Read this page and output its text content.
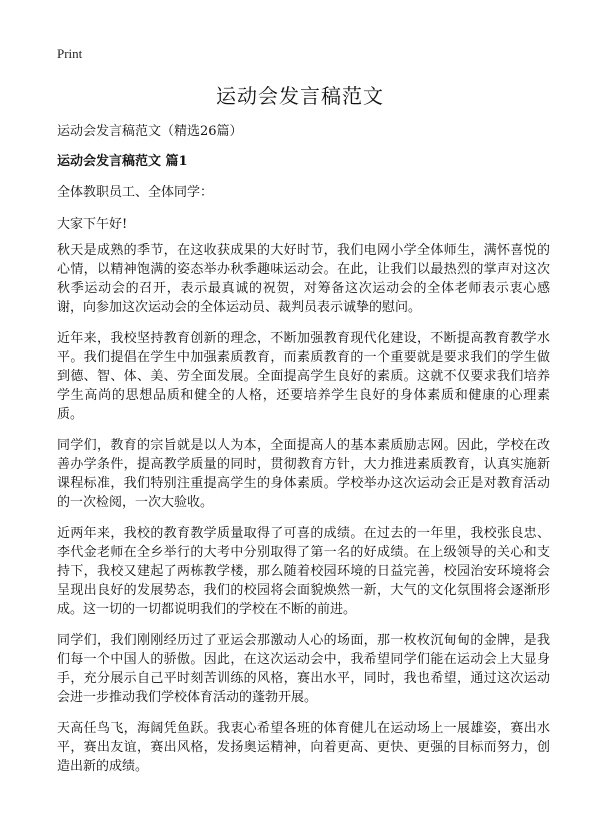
Print
运动会发言稿范文
运动会发言稿范文（精选26篇）
运动会发言稿范文 篇1
全体教职员工、全体同学：
大家下午好!

秋天是成熟的季节，在这收获成果的大好时节，我们电网小学全体师生，满怀喜悦的心情，以精神饱满的姿态举办秋季趣味运动会。在此，让我们以最热烈的掌声对这次秋季运动会的召开，表示最真诚的祝贺，对筹备这次运动会的全体老师表示衷心感谢，向参加这次运动会的全体运动员、裁判员表示诚挚的慰问。

近年来，我校坚持教育创新的理念，不断加强教育现代化建设，不断提高教育教学水平。我们提倡在学生中加强素质教育，而素质教育的一个重要就是要求我们的学生做到德、智、体、美、劳全面发展。全面提高学生良好的素质。这就不仅要求我们培养学生高尚的思想品质和健全的人格，还要培养学生良好的身体素质和健康的心理素质。

同学们，教育的宗旨就是以人为本，全面提高人的基本素质励志网。因此，学校在改善办学条件，提高教学质量的同时，贯彻教育方针，大力推进素质教育，认真实施新课程标准，我们特别注重提高学生的身体素质。学校举办这次运动会正是对教育活动的一次检阅，一次大验收。

近两年来，我校的教育教学质量取得了可喜的成绩。在过去的一年里，我校张良忠、李代金老师在全乡举行的大考中分别取得了第一名的好成绩。在上级领导的关心和支持下，我校又建起了两栋教学楼，那么随着校园环境的日益完善，校园治安环境将会呈现出良好的发展势态，我们的校园将会面貌焕然一新，大气的文化氛围将会逐渐形成。这一切的一切都说明我们的学校在不断的前进。

同学们，我们刚刚经历过了亚运会那激动人心的场面，那一枚枚沉甸甸的金牌，是我们每一个中国人的骄傲。因此，在这次运动会中，我希望同学们能在运动会上大显身手，充分展示自己平时刻苦训练的风格，赛出水平，同时，我也希望，通过这次运动会进一步推动我们学校体育活动的蓬勃开展。

天高任鸟飞，海阔凭鱼跃。我衷心希望各班的体育健儿在运动场上一展雄姿，赛出水平，赛出友谊，赛出风格，发扬奥运精神，向着更高、更快、更强的目标而努力，创造出新的成绩。
